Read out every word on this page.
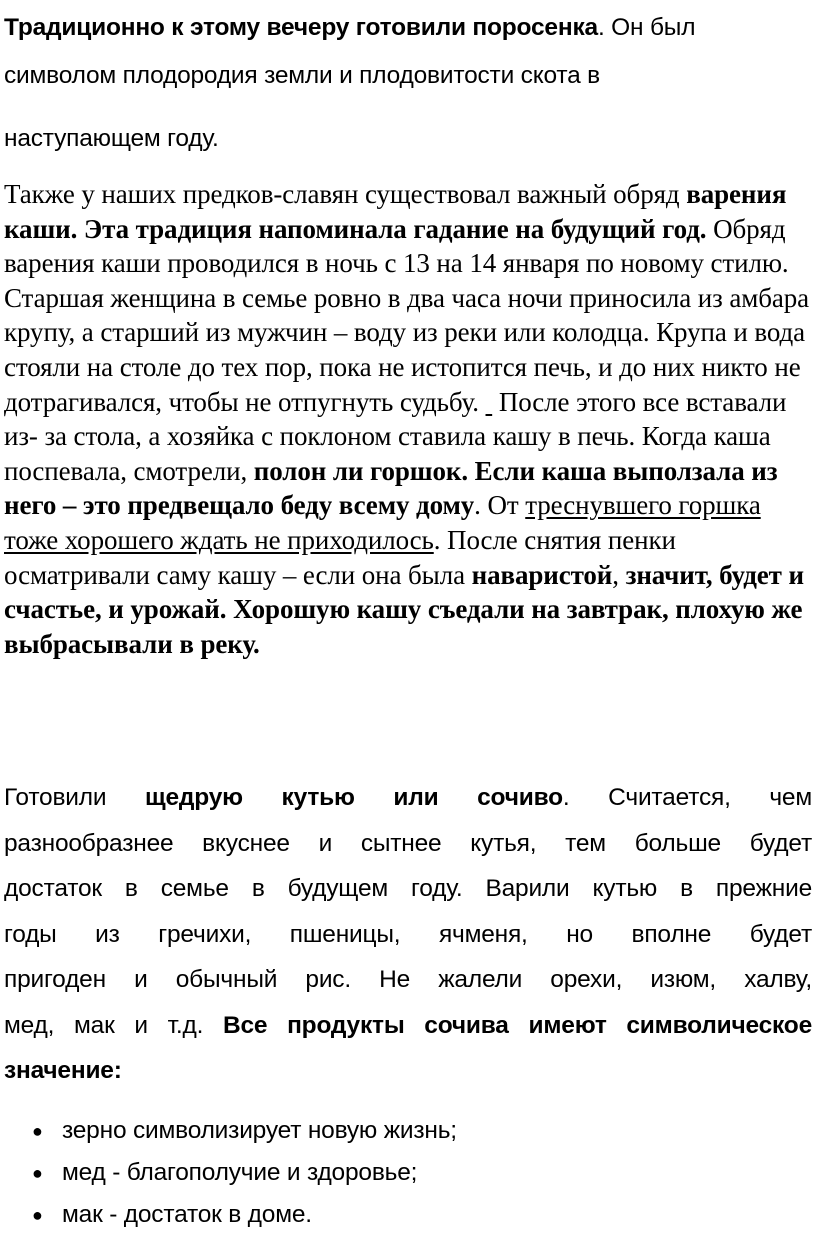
Традиционно к этому вечеру готовили поросенка. Он был
символом плодородия земли и плодовитости скота в
наступающем году.

Также у наших предков-славян существовал важный обряд варения каши. Эта традиция напоминала гадание на будущий год. Обряд варения каши проводился в ночь с 13 на 14 января по новому стилю. Старшая женщина в семье ровно в два часа ночи приносила из амбара крупу, а старший из мужчин – воду из реки или колодца. Крупа и вода стояли на столе до тех пор, пока не истопится печь, и до них никто не дотрагивался, чтобы не отпугнуть судьбу.   После этого все вставали из- за стола, а хозяйка с поклоном ставила кашу в печь. Когда каша поспевала, смотрели, полон ли горшок. Если каша выползала из него – это предвещало беду всему дому. От треснувшего горшка тоже хорошего ждать не приходилось. После снятия пенки осматривали саму кашу – если она была наваристой, значит, будет и счастье, и урожай. Хорошую кашу съедали на завтрак, плохую же выбрасывали в реку.

Готовили щедрую кутью или сочиво. Считается, чем
разнообразнее вкуснее и сытнее кутья, тем больше будет
достаток в семье в будущем году. Варили кутью в прежние
годы из гречихи, пшеницы, ячменя, но вполне будет
пригоден и обычный рис. Не жалели орехи, изюм, халву,
мед, мак и т.д. Все продукты сочива имеют символическое
значение:

● зерно символизирует новую жизнь;
● мед - благополучие и здоровье;
● мак - достаток в доме.
